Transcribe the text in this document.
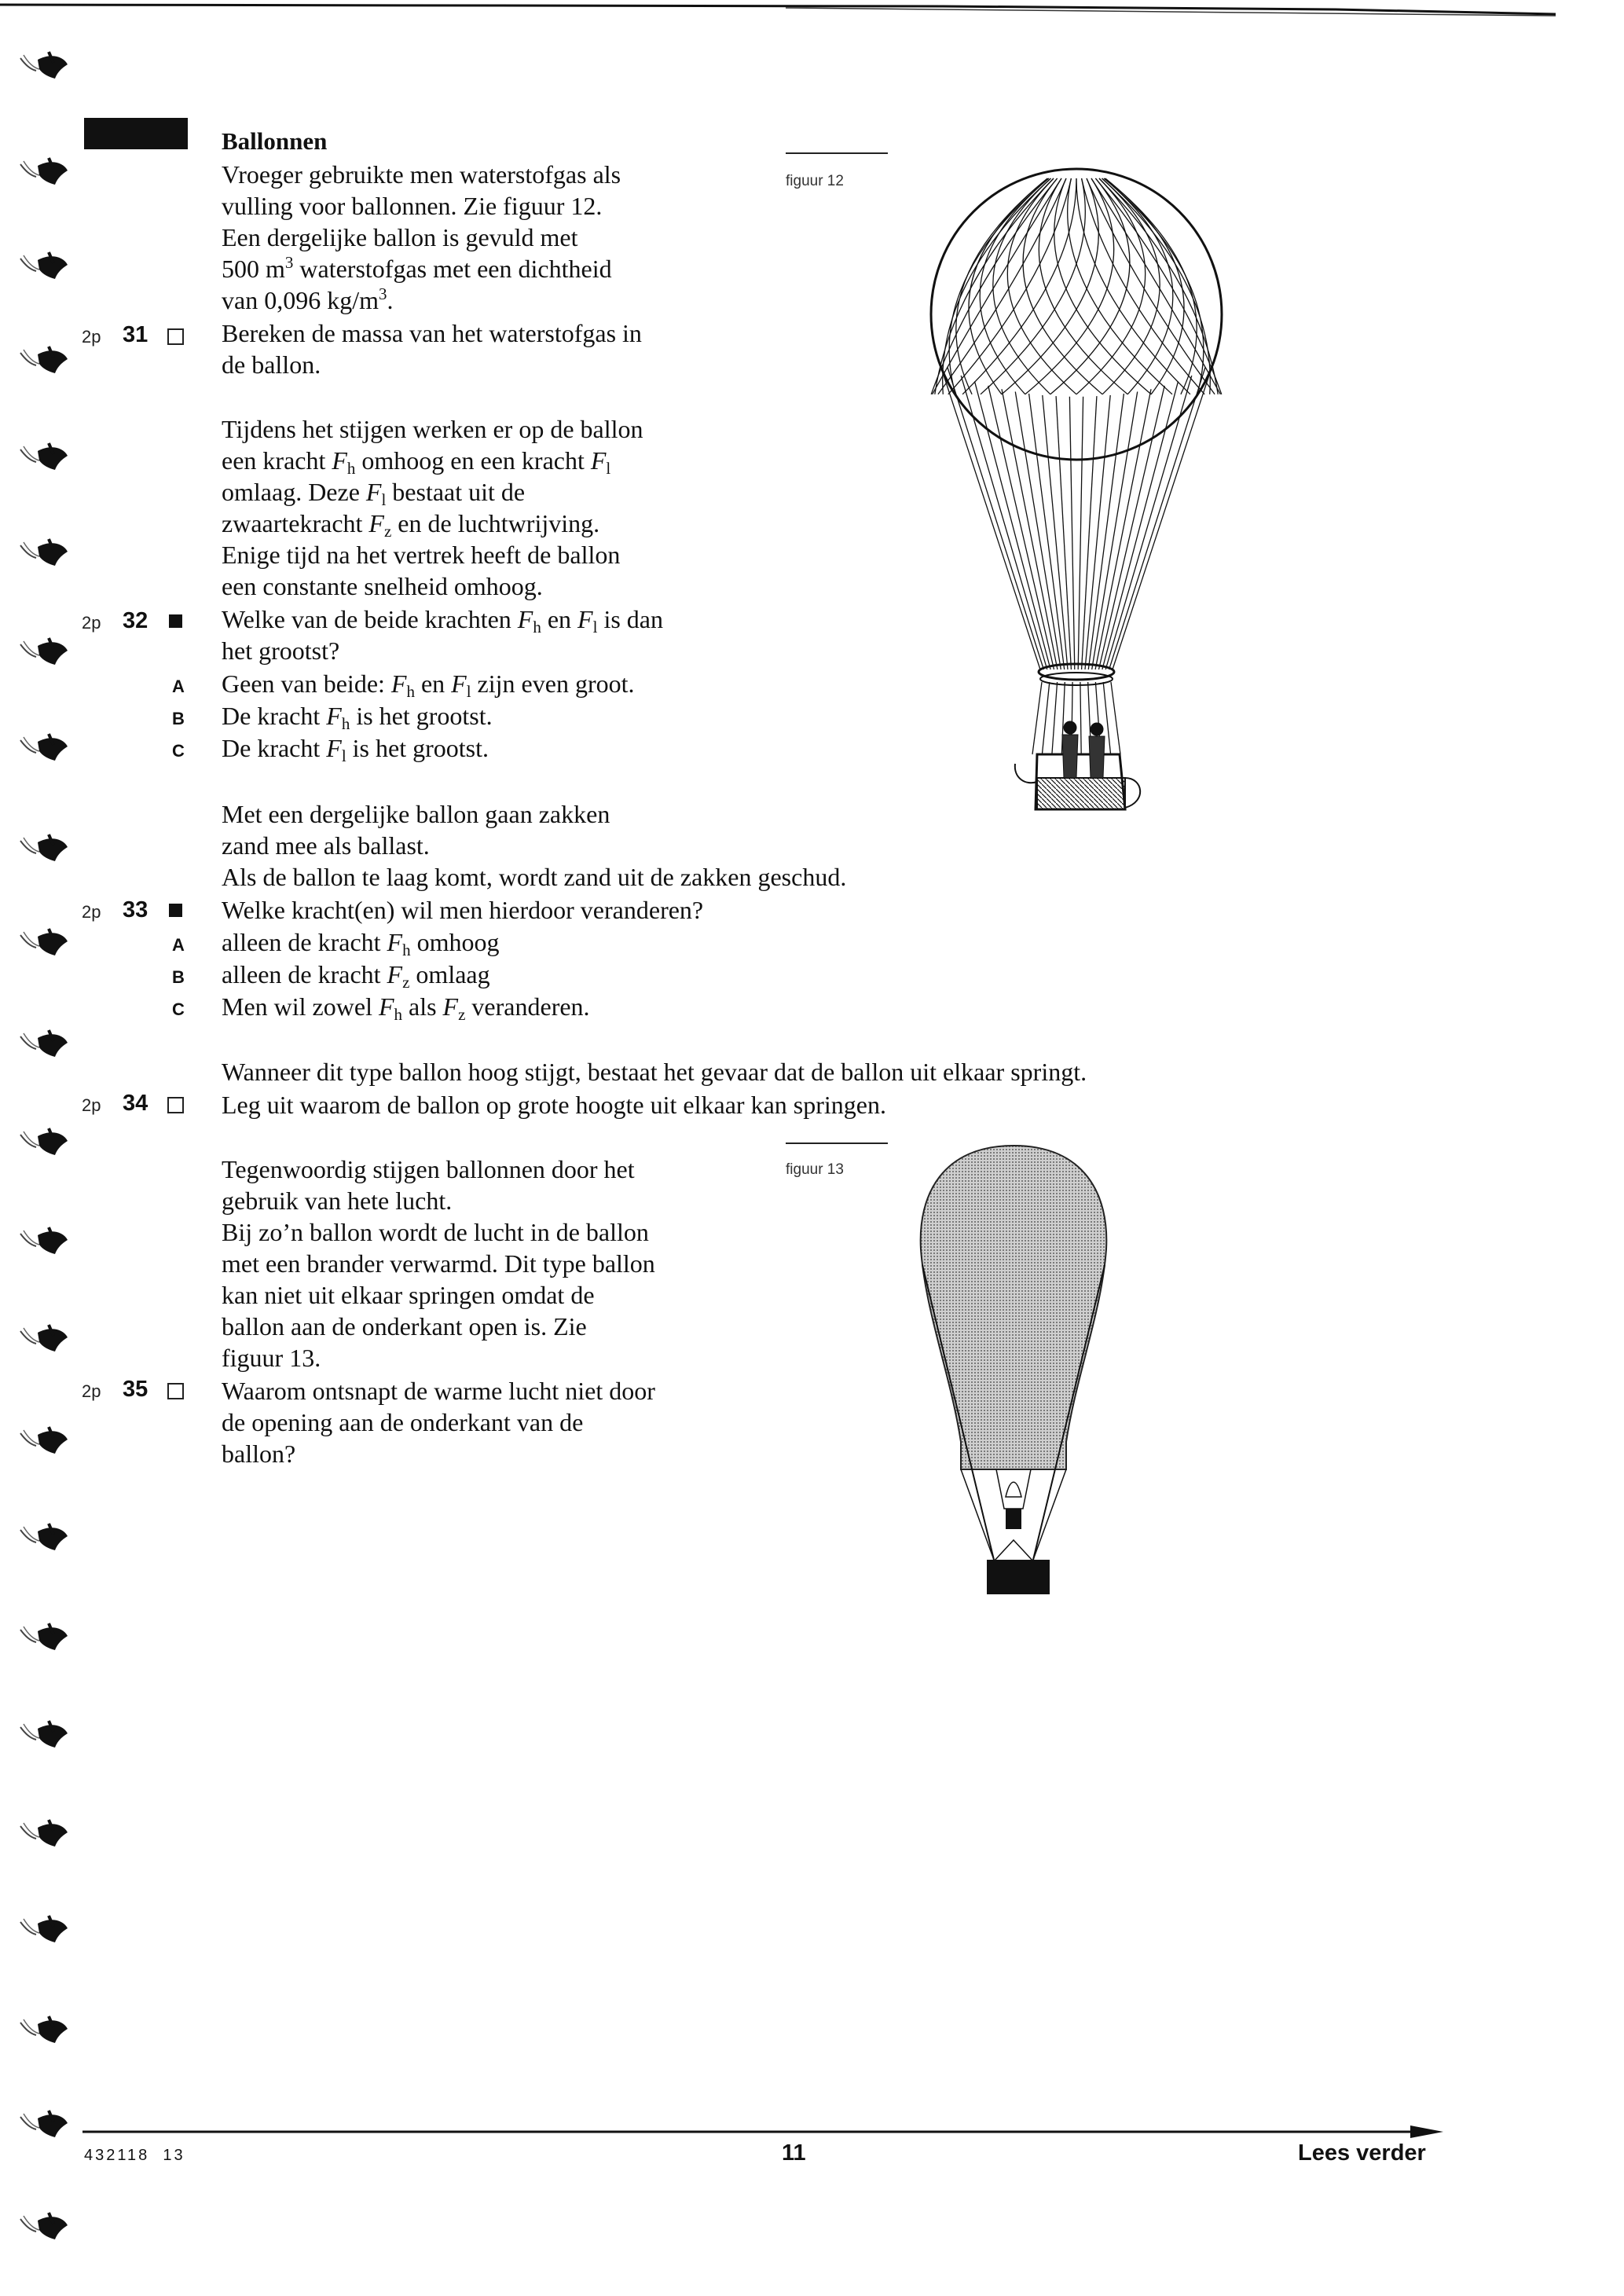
figuur 12
figuur 13
Ballonnen
Vroeger gebruikte men waterstofgas als
vulling voor ballonnen. Zie figuur 12.
Een dergelijke ballon is gevuld met
500 $m^3$ waterstofgas met een dichtheid
van 0,096 $kg/m^3$.
Bereken de massa van het waterstofgas in
de ballon.
Tijdens het stijgen werken er op de ballon
een kracht $F_h$ omhoog en een kracht $F_l$
omlaag. Deze $F_l$ bestaat uit de
zwaartekracht $F_z$ en de luchtwrijving.
Enige tijd na het vertrek heeft de ballon
een constante snelheid omhoog.
Welke van de beide krachten $F_h$ en $F_l$ is dan
het grootst?
Geen van beide: $F_h$ en $F_l$ zijn even groot.
De kracht $F_h$ is het grootst.
De kracht $F_l$ is het grootst.
Met een dergelijke ballon gaan zakken
zand mee als ballast.
Als de ballon te laag komt, wordt zand uit de zakken geschud.
Welke kracht(en) wil men hierdoor veranderen?
alleen de kracht $F_h$ omhoog
alleen de kracht $F_z$ omlaag
Men wil zowel $F_h$ als $F_z$ veranderen.
Wanneer dit type ballon hoog stijgt, bestaat het gevaar dat de ballon uit elkaar springt.
Leg uit waarom de ballon op grote hoogte uit elkaar kan springen.
Tegenwoordig stijgen ballonnen door het
gebruik van hete lucht.
Bij zo’n ballon wordt de lucht in de ballon
met een brander verwarmd. Dit type ballon
kan niet uit elkaar springen omdat de
ballon aan de onderkant open is. Zie
figuur 13.
Waarom ontsnapt de warme lucht niet door
de opening aan de onderkant van de
ballon?
2p 31
2p 32
A
B
C
2p 33
A
B
C
2p 34
2p 35
432118  13	11	Lees verder
